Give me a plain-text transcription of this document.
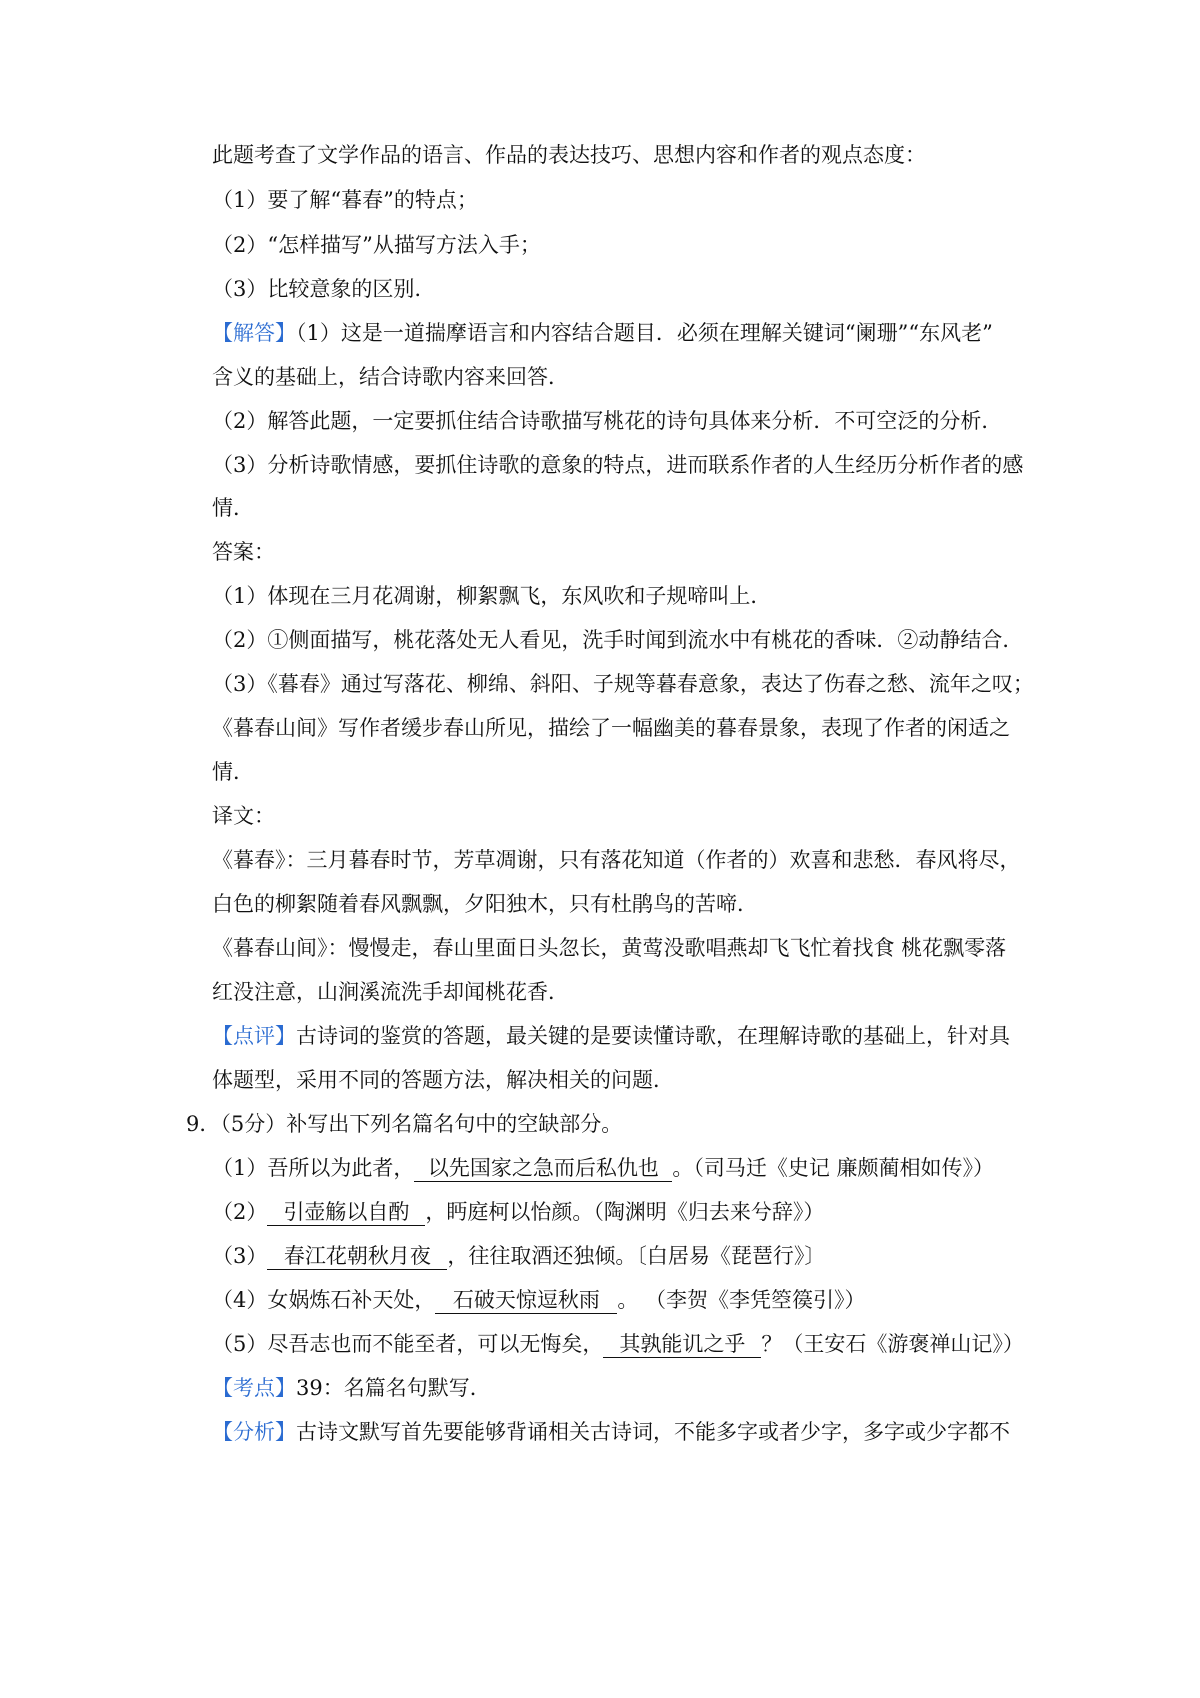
此题考查了文学作品的语言、作品的表达技巧、思想内容和作者的观点态度：
（1）要了解“暮春”的特点；
（2）“怎样描写”从描写方法入手；
（3）比较意象的区别.
【解答】（1）这是一道揣摩语言和内容结合题目．必须在理解关键词“阑珊”“东风老”
含义的基础上，结合诗歌内容来回答．
（2）解答此题，一定要抓住结合诗歌描写桃花的诗句具体来分析．不可空泛的分析．
（3）分析诗歌情感，要抓住诗歌的意象的特点，进而联系作者的人生经历分析作者的感
情．
答案：
（1）体现在三月花凋谢，柳絮飘飞，东风吹和子规啼叫上．
（2）①侧面描写，桃花落处无人看见，洗手时闻到流水中有桃花的香味．②动静结合．
（3）《暮春》通过写落花、柳绵、斜阳、子规等暮春意象，表达了伤春之愁、流年之叹；
《暮春山间》写作者缓步春山所见，描绘了一幅幽美的暮春景象，表现了作者的闲适之
情．
译文：
《暮春》：三月暮春时节，芳草凋谢，只有落花知道（作者的）欢喜和悲愁．春风将尽，
白色的柳絮随着春风飘飘，夕阳独木，只有杜鹃鸟的苦啼．
《暮春山间》：慢慢走，春山里面日头忽长，黄莺没歌唱燕却飞飞忙着找食 桃花飘零落
红没注意，山涧溪流洗手却闻桃花香．
【点评】古诗词的鉴赏的答题，最关键的是要读懂诗歌，在理解诗歌的基础上，针对具
体题型，采用不同的答题方法，解决相关的问题．
9．（5分）补写出下列名篇名句中的空缺部分。
（1）吾所以为此者， 以先国家之急而后私仇也 。（司马迁《史记 廉颇蔺相如传》）
（2） 引壶觞以自酌 ，眄庭柯以怡颜。（陶渊明《归去来兮辞》）
（3） 春江花朝秋月夜 ，往往取酒还独倾。〔白居易《琵琶行》〕
（4）女娲炼石补天处， 石破天惊逗秋雨 。 （李贺《李凭箜篌引》）
（5）尽吾志也而不能至者，可以无悔矣， 其孰能讥之乎 ？（王安石《游褒禅山记》）
【考点】39：名篇名句默写．
【分析】古诗文默写首先要能够背诵相关古诗词，不能多字或者少字，多字或少字都不
